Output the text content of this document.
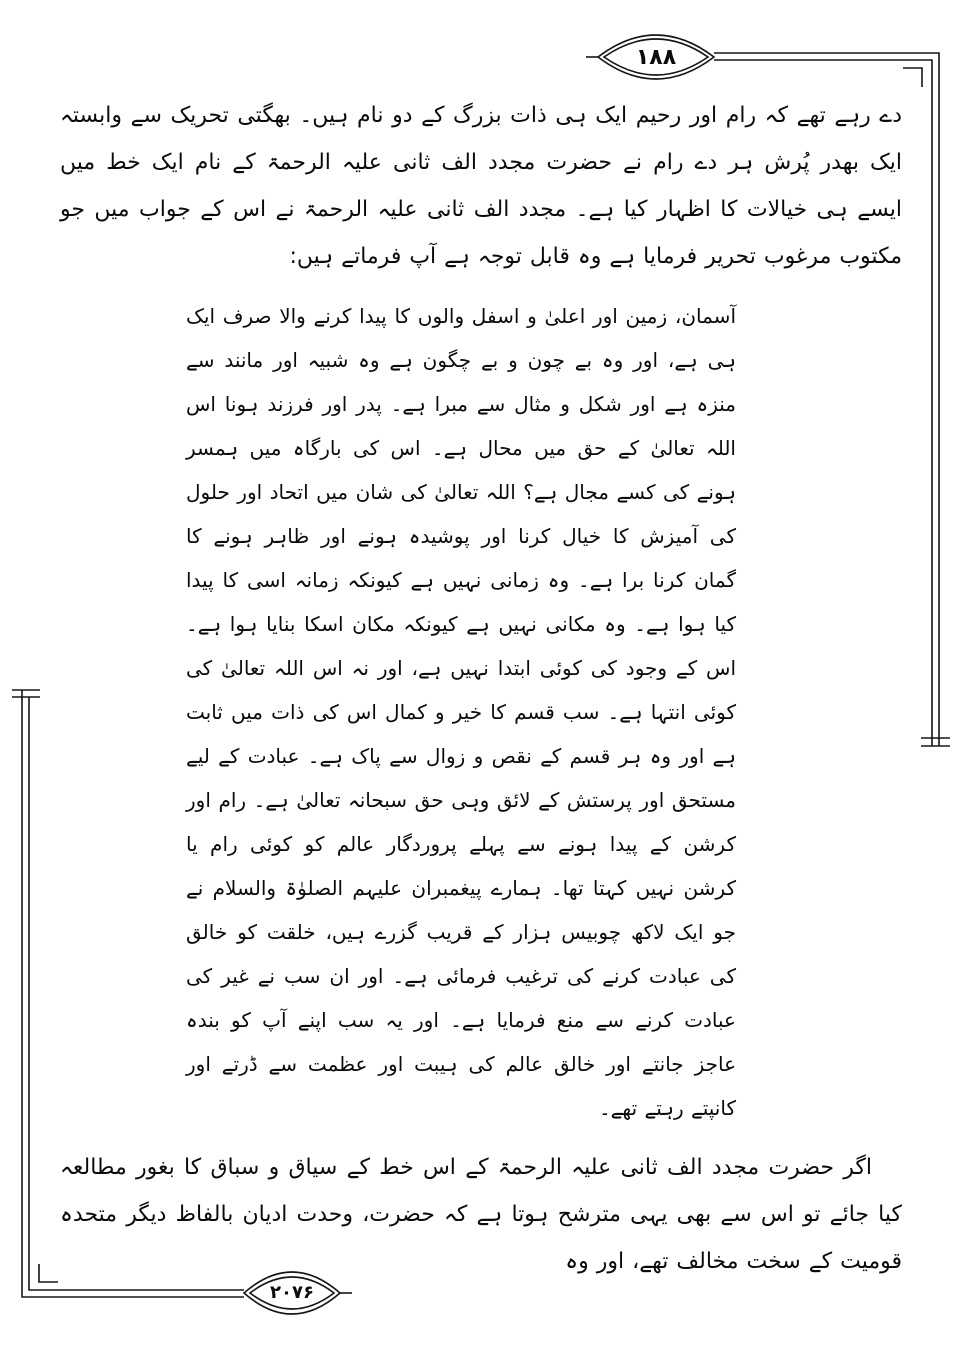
۱۸۸
دے رہے تھے کہ رام اور رحیم ایک ہی ذات بزرگ کے دو نام ہیں۔ بھگتی تحریک سے وابستہ ایک بھدر پُرش ہر دے رام نے حضرت مجدد الف ثانی علیہ الرحمۃ کے نام ایک خط میں ایسے ہی خیالات کا اظہار کیا ہے۔ مجدد الف ثانی علیہ الرحمۃ نے اس کے جواب میں جو مکتوب مرغوب تحریر فرمایا ہے وہ قابل توجہ ہے آپ فرماتے ہیں:
آسمان، زمین اور اعلیٰ و اسفل والوں کا پیدا کرنے والا صرف ایک ہی ہے، اور وہ بے چون و بے چگون ہے وہ شبیہ اور مانند سے منزہ ہے اور شکل و مثال سے مبرا ہے۔ پدر اور فرزند ہونا اس اللہ تعالیٰ کے حق میں محال ہے۔ اس کی بارگاہ میں ہمسر ہونے کی کسے مجال ہے؟ اللہ تعالیٰ کی شان میں اتحاد اور حلول کی آمیزش کا خیال کرنا اور پوشیدہ ہونے اور ظاہر ہونے کا گمان کرنا برا ہے۔ وہ زمانی نہیں ہے کیونکہ زمانہ اسی کا پیدا کیا ہوا ہے۔ وہ مکانی نہیں ہے کیونکہ مکان اسکا بنایا ہوا ہے۔ اس کے وجود کی کوئی ابتدا نہیں ہے، اور نہ اس اللہ تعالیٰ کی کوئی انتہا ہے۔ سب قسم کا خیر و کمال اس کی ذات میں ثابت ہے اور وہ ہر قسم کے نقص و زوال سے پاک ہے۔ عبادت کے لیے مستحق اور پرستش کے لائق وہی حق سبحانہ تعالیٰ ہے۔ رام اور کرشن کے پیدا ہونے سے پہلے پروردگار عالم کو کوئی رام یا کرشن نہیں کہتا تھا۔ ہمارے پیغمبران علیہم الصلوٰۃ والسلام نے جو ایک لاکھ چوبیس ہزار کے قریب گزرے ہیں، خلقت کو خالق کی عبادت کرنے کی ترغیب فرمائی ہے۔ اور ان سب نے غیر کی عبادت کرنے سے منع فرمایا ہے۔ اور یہ سب اپنے آپ کو بندہ عاجز جانتے اور خالق عالم کی ہیبت اور عظمت سے ڈرتے اور کانپتے رہتے تھے۔
اگر حضرت مجدد الف ثانی علیہ الرحمۃ کے اس خط کے سیاق و سباق کا بغور مطالعہ کیا جائے تو اس سے بھی یہی مترشح ہوتا ہے کہ حضرت، وحدت ادیان بالفاظ دیگر متحدہ قومیت کے سخت مخالف تھے، اور وہ
۲۰۷۶
